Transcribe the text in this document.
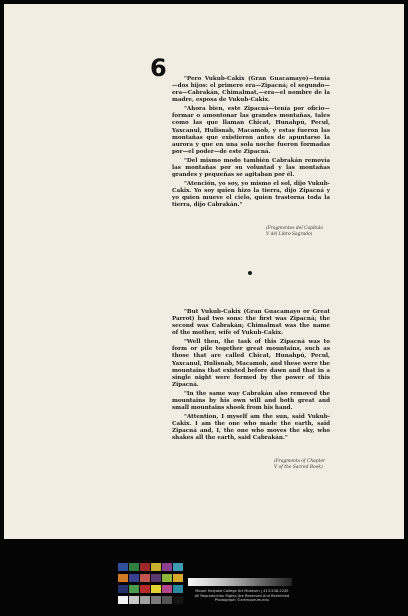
6	"Pero Vukub-Cakix (Gran Guacamayo)—tenía—dos hijos: el primero era—Zipacná; el segundo—era—Cabrakán, Chimalmat,—era—el nombre de la madre, esposa de Vukub-Cakix.

"Ahora bien, este Zipacná—tenía por oficio—formar o amontonar las grandes montañas, tales como las que llaman Chicat, Hunahpú, Pecul, Yaxcanul, Hulisnab, Macamob, y estas fueron las montañas que existieron antes de apuntarse la aurora y que en una sola noche fueron formadas por—el poder—de este Zipacná.

"Del mismo modo también Cabrakán removía las montañas por su voluntad y las montañas grandes y pequeñas se agitaban por él.

"Atención, yo soy, yo mismo el sol, dijo Vukub-Cakix. Yo soy quien hizo la tierra, dijo Zipacná y yo quien mueve el cielo, quien trastorna toda la tierra, dijo Cabrakán."

(Fragmentos del Capítulo
V del Libro Sagrado)

"But Vukub-Cakix (Gran Guacamayo or Great Parrot) had two sons: the first was Zipacná; the second was Cabrakán; Chimalmat was the name of the mother, wife of Vukub-Cakix.

"Well then, the task of this Zipacná was to form or pile together great mountains, such as those that are called Chicat, Hunahpú, Pecul, Yaxcanul, Hulisnab, Macamob, and these were the mountains that existed before dawn and that in a single night were formed by the power of this Zipacná.

"In the same way Cabrakán also removed the mountains by his own will and both great and small mountains shook from his hand.

"Attention, I myself am the sun, said Vukub-Cakix. I am the one who made the earth, said Zipacná and, I, the one who moves the sky, who shakes all the earth, said Cabrakán."

(Fragments of Chapter
V of the Sacred Book)
Mount Holyoke College Art Museum | 413-538-2245
All Reproduction Rights Are Reserved And Restricted
Photograph ©artmuseum.edu
